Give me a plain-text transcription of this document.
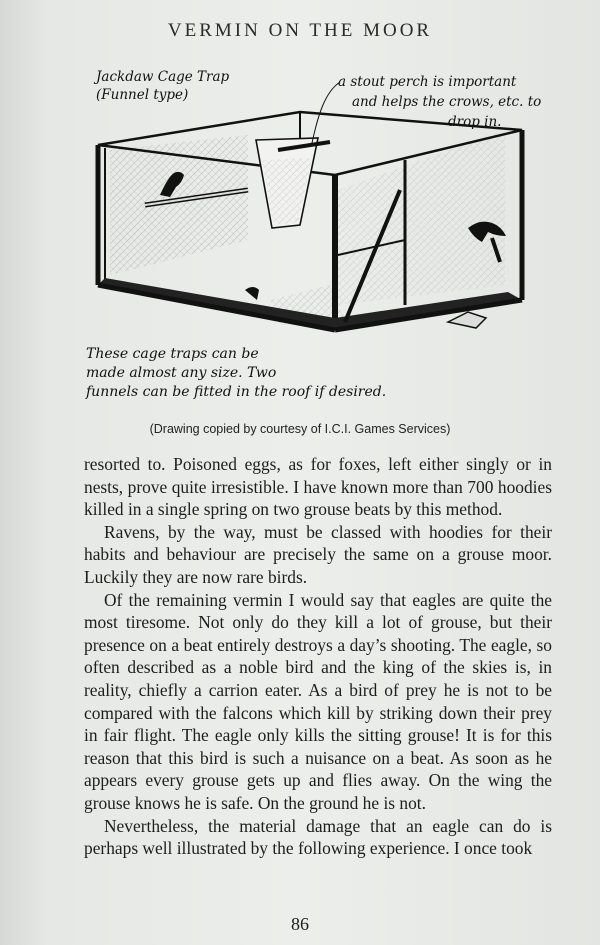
VERMIN ON THE MOOR
Jackdaw Cage Trap
(Funnel type)
a stout perch is important
and helps the crows, etc. to
drop in.
These cage traps can be
made almost any size. Two
funnels can be fitted in the roof if desired.
(Drawing copied by courtesy of I.C.I. Games Services)

resorted to. Poisoned eggs, as for foxes, left either singly or in nests, prove quite irresistible. I have known more than 700 hoodies killed in a single spring on two grouse beats by this method.

Ravens, by the way, must be classed with hoodies for their habits and behaviour are precisely the same on a grouse moor. Luckily they are now rare birds.

Of the remaining vermin I would say that eagles are quite the most tiresome. Not only do they kill a lot of grouse, but their presence on a beat entirely destroys a day’s shooting. The eagle, so often described as a noble bird and the king of the skies is, in reality, chiefly a carrion eater. As a bird of prey he is not to be compared with the falcons which kill by striking down their prey in fair flight. The eagle only kills the sitting grouse! It is for this reason that this bird is such a nuisance on a beat. As soon as he appears every grouse gets up and flies away. On the wing the grouse knows he is safe. On the ground he is not.

Nevertheless, the material damage that an eagle can do is perhaps well illustrated by the following experience. I once took

86
